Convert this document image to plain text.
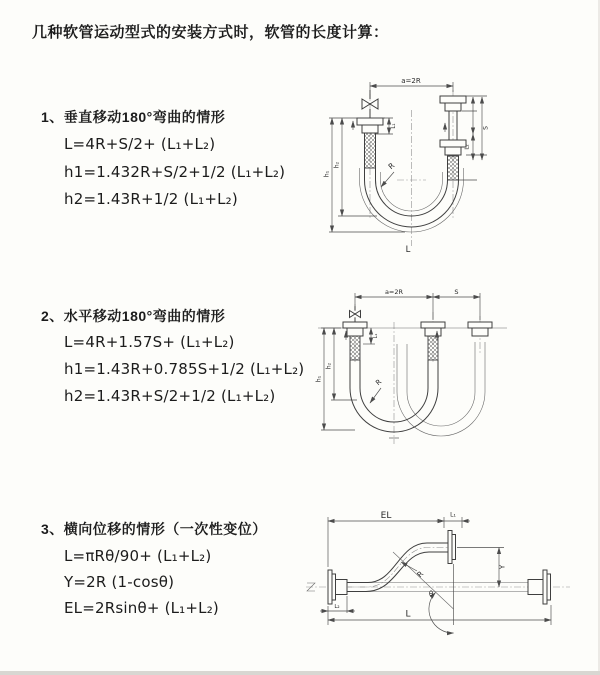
几种软管运动型式的安装方式时，软管的长度计算：
1、垂直移动180°弯曲的情形
L=4R+S/2+ (L₁+L₂)
h1=1.432R+S/2+1/2 (L₁+L₂)
h2=1.43R+1/2 (L₁+L₂)
2、水平移动180°弯曲的情形
L=4R+1.57S+ (L₁+L₂)
h1=1.43R+0.785S+1/2 (L₁+L₂)
h2=1.43R+S/2+1/2 (L₁+L₂)
3、横向位移的情形（一次性变位）
L=πRθ/90+ (L₁+L₂)
Y=2R (1-cosθ)
EL=2Rsinθ+ (L₁+L₂)
a=2R
h₁
h₂
L₁	S
L₂
R
L
a=2R	S
h₁
h₂
L₁
R
θ
R
EL	L₁
Y
L
L₂
